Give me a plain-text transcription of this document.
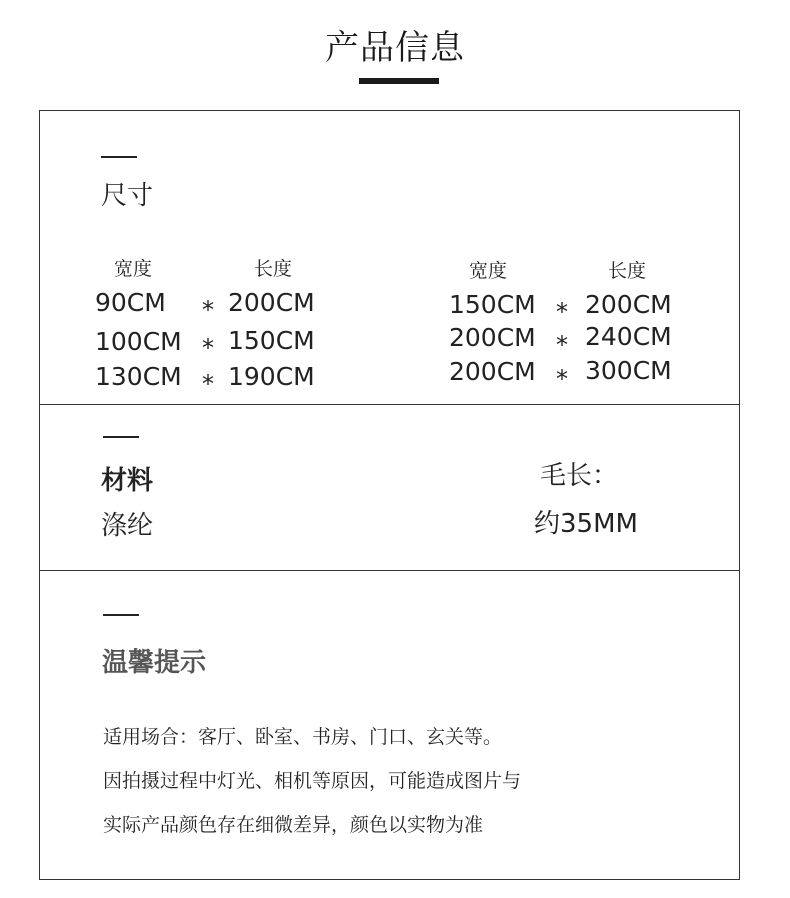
产品信息
尺寸
宽度	长度
90CM * 200CM
100CM * 150CM
130CM * 190CM
宽度	长度
150CM * 200CM
200CM * 240CM
200CM * 300CM
材料
涤纶
毛长：
约35MM
温馨提示
适用场合：客厅、卧室、书房、门口、玄关等。
因拍摄过程中灯光、相机等原因，可能造成图片与
实际产品颜色存在细微差异，颜色以实物为准
